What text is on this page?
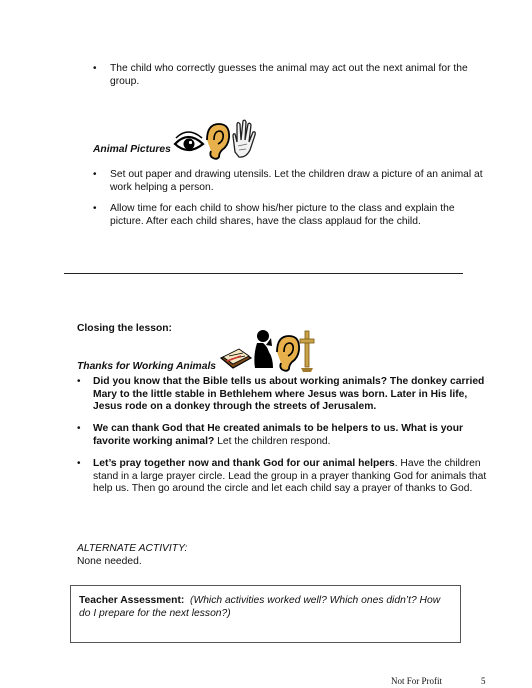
• The child who correctly guesses the animal may act out the next animal for the group.
Animal Pictures
• Set out paper and drawing utensils. Let the children draw a picture of an animal at work helping a person.
• Allow time for each child to show his/her picture to the class and explain the picture. After each child shares, have the class applaud for the child.
Closing the lesson:
Thanks for Working Animals
• Did you know that the Bible tells us about working animals? The donkey carried Mary to the little stable in Bethlehem where Jesus was born. Later in His life, Jesus rode on a donkey through the streets of Jerusalem.
• We can thank God that He created animals to be helpers to us. What is your favorite working animal? Let the children respond.
• Let’s pray together now and thank God for our animal helpers. Have the children stand in a large prayer circle. Lead the group in a prayer thanking God for animals that help us. Then go around the circle and let each child say a prayer of thanks to God.
ALTERNATE ACTIVITY:
None needed.
Teacher Assessment: (Which activities worked well? Which ones didn’t? How do I prepare for the next lesson?)
Not For Profit	5
